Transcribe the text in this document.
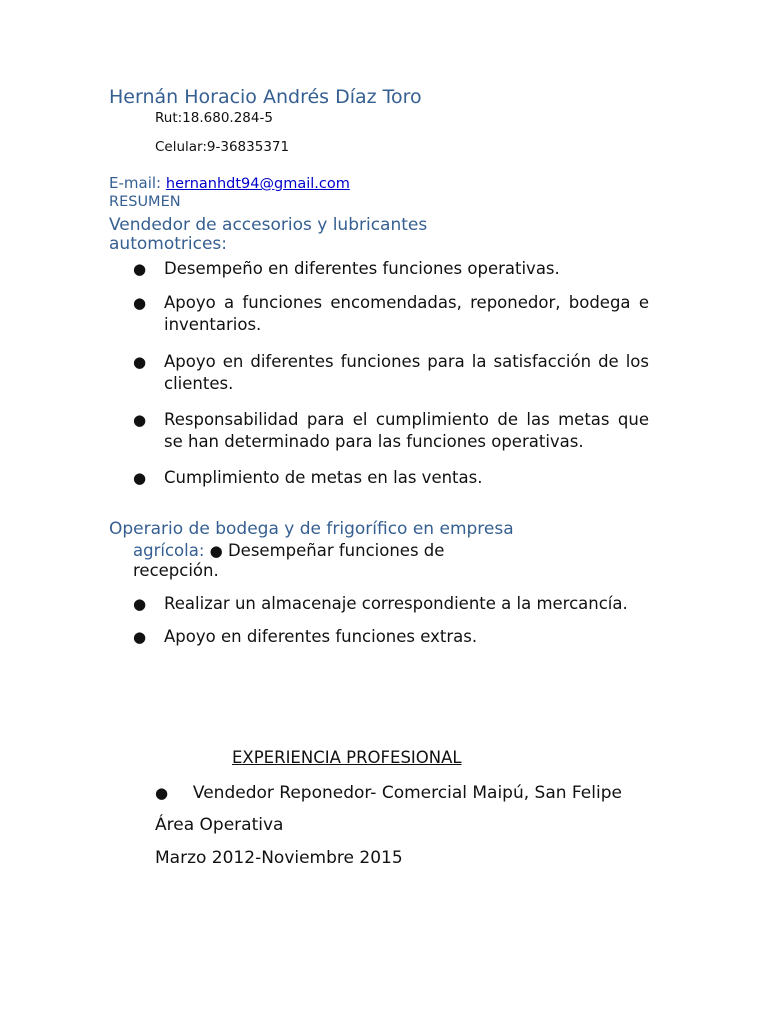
Hernán Horacio Andrés Díaz Toro
Rut:18.680.284-5
Celular:9-36835371
E-mail: hernanhdt94@gmail.com
RESUMEN
Vendedor de accesorios y lubricantes
automotrices:
● Desempeño en diferentes funciones operativas.
● Apoyo a funciones encomendadas, reponedor, bodega e inventarios.
● Apoyo en diferentes funciones para la satisfacción de los clientes.
● Responsabilidad para el cumplimiento de las metas que se han determinado para las funciones operativas.
● Cumplimiento de metas en las ventas.
Operario de bodega y de frigorífico en empresa
agrícola: ● Desempeñar funciones de
recepción.
● Realizar un almacenaje correspondiente a la mercancía.
● Apoyo en diferentes funciones extras.
EXPERIENCIA PROFESIONAL
● Vendedor Reponedor- Comercial Maipú, San Felipe
Área Operativa
Marzo 2012-Noviembre 2015
